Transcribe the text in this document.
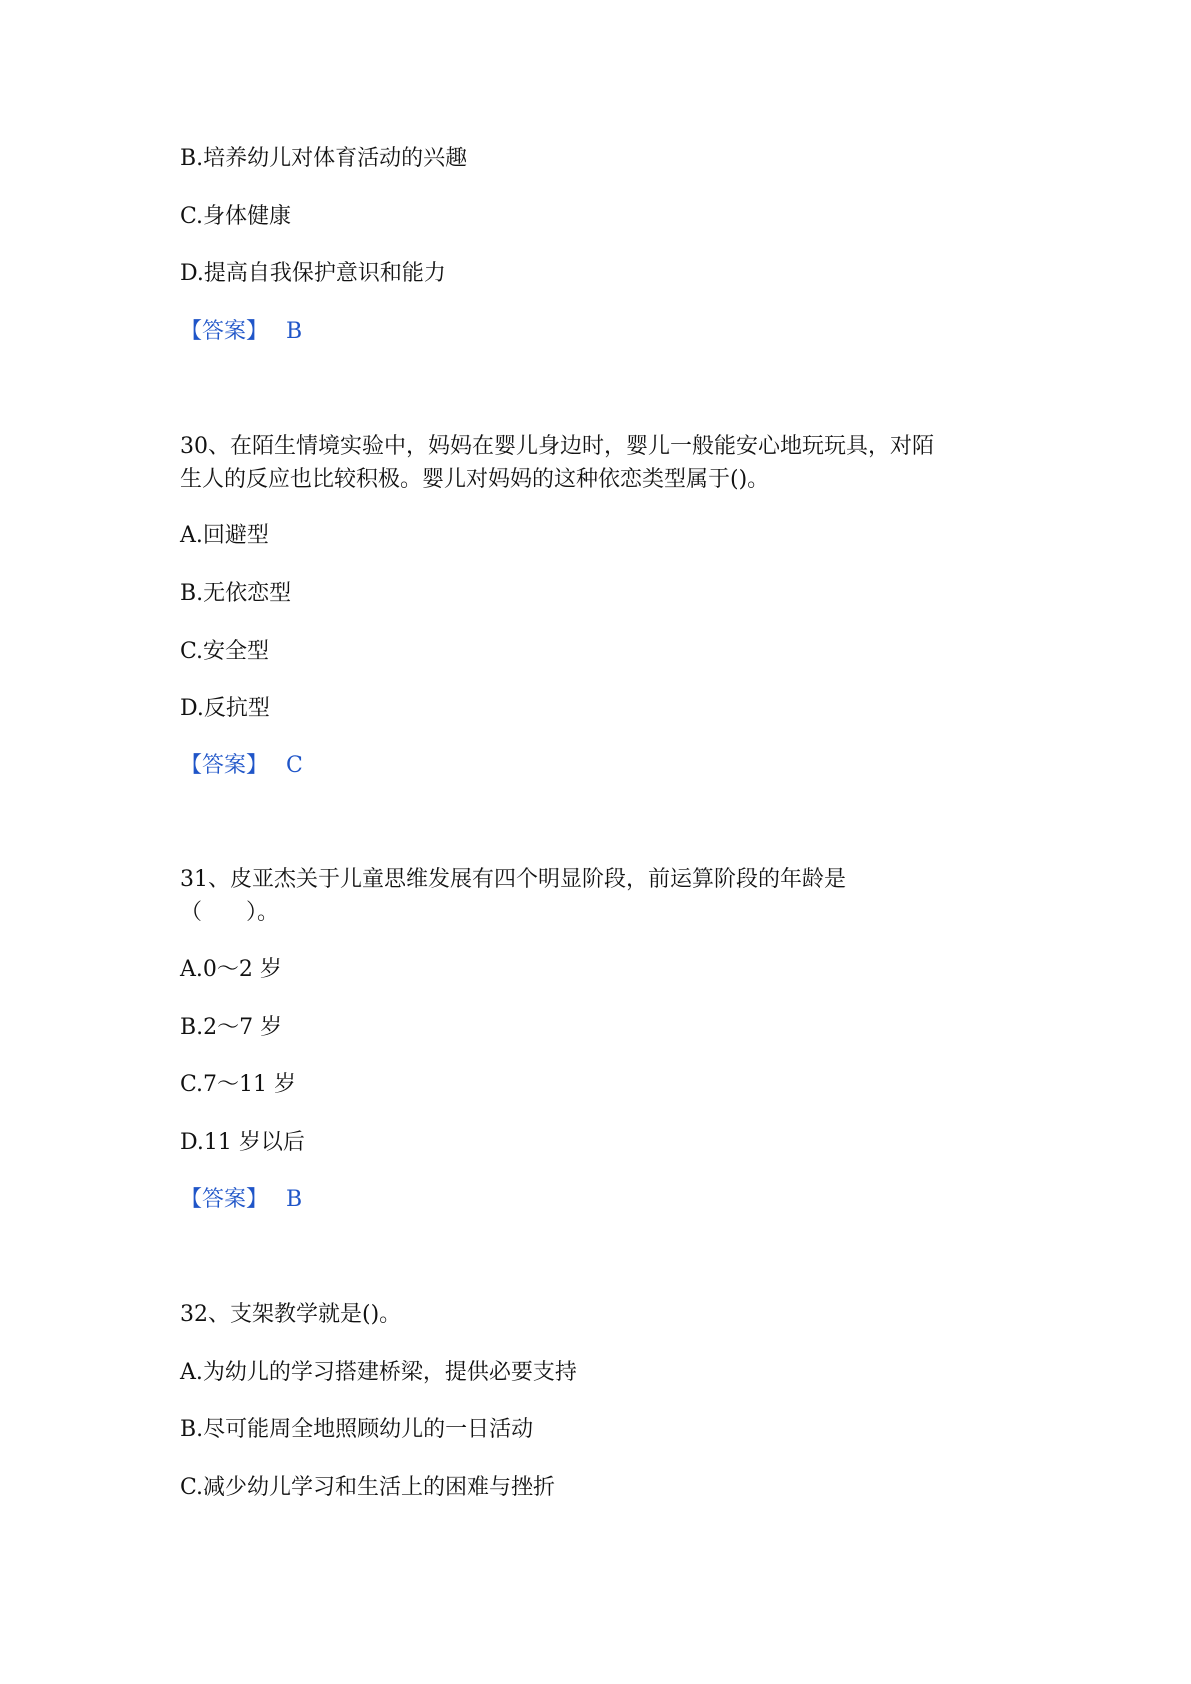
B.培养幼儿对体育活动的兴趣
C.身体健康
D.提高自我保护意识和能力
【答案】 B
30、在陌生情境实验中，妈妈在婴儿身边时，婴儿一般能安心地玩玩具，对陌
生人的反应也比较积极。婴儿对妈妈的这种依恋类型属于()。
A.回避型
B.无依恋型
C.安全型
D.反抗型
【答案】 C
31、皮亚杰关于儿童思维发展有四个明显阶段，前运算阶段的年龄是
（　　）。
A.0～2 岁
B.2～7 岁
C.7～11 岁
D.11 岁以后
【答案】 B
32、支架教学就是()。
A.为幼儿的学习搭建桥梁，提供必要支持
B.尽可能周全地照顾幼儿的一日活动
C.减少幼儿学习和生活上的困难与挫折
